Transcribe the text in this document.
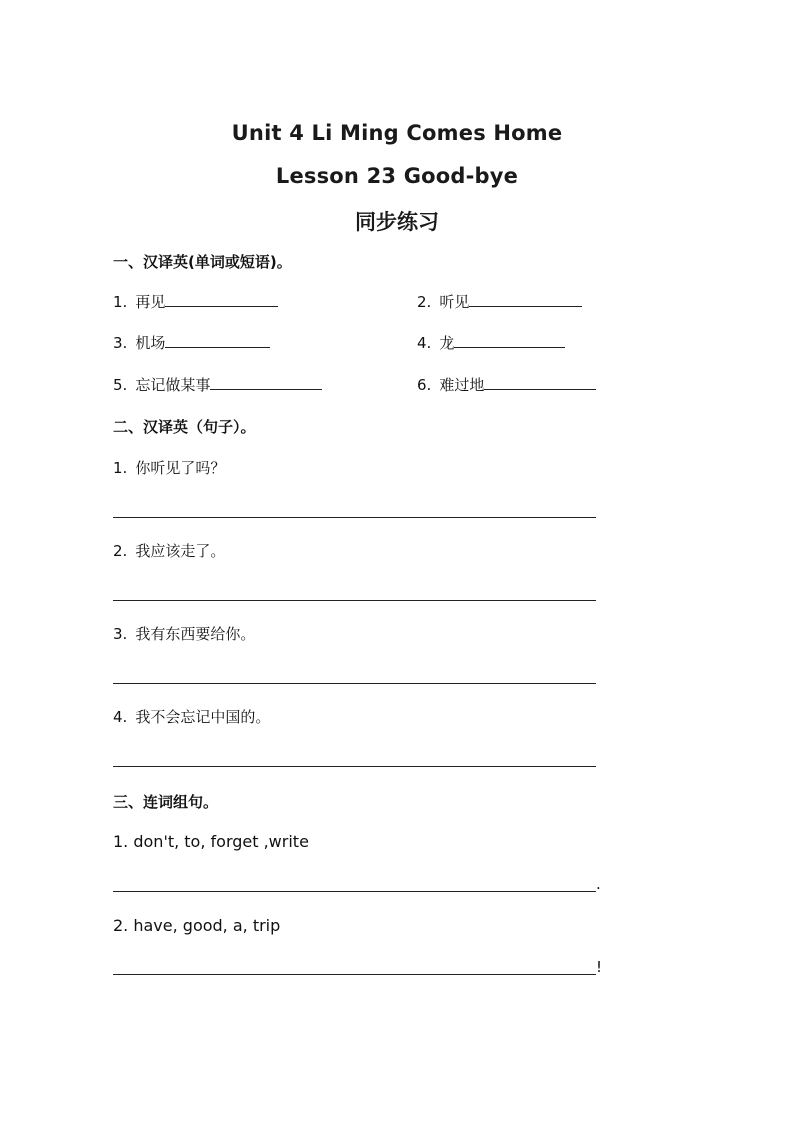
Unit 4 Li Ming Comes Home
Lesson 23 Good-bye
同步练习
一、汉译英(单词或短语)。
1. 再见	2. 听见
3. 机场	4. 龙
5. 忘记做某事	6. 难过地
二、汉译英（句子）。
1. 你听见了吗？
2. 我应该走了。
3. 我有东西要给你。
4. 我不会忘记中国的。
三、连词组句。
1. don't, to, forget ,write
.
2. have, good, a, trip
!
